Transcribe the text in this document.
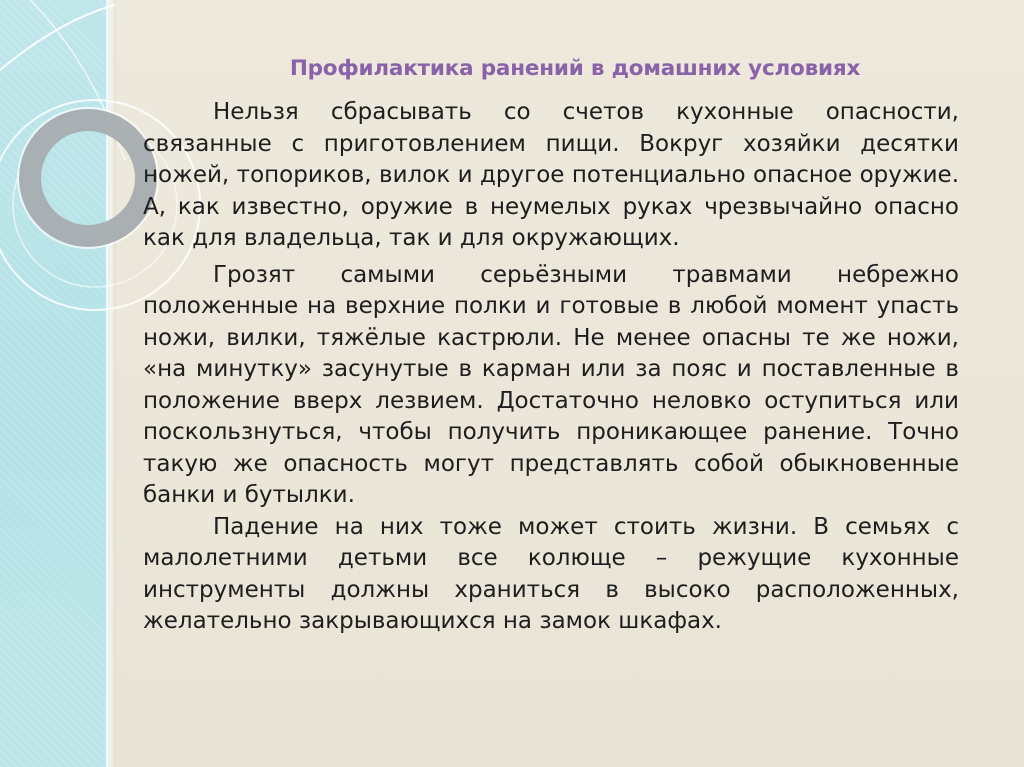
Профилактика ранений в домашних условиях

Нельзя сбрасывать со счетов кухонные опасности, связанные с приготовлением пищи. Вокруг хозяйки десятки ножей, топориков, вилок и другое потенциально опасное оружие. А, как известно, оружие в неумелых руках чрезвычайно опасно как для владельца, так и для окружающих.

Грозят самыми серьёзными травмами небрежно положенные на верхние полки и готовые в любой момент упасть ножи, вилки, тяжёлые кастрюли. Не менее опасны те же ножи, «на минутку» засунутые в карман или за пояс и поставленные в положение вверх лезвием. Достаточно неловко оступиться или поскользнуться, чтобы получить проникающее ранение. Точно такую же опасность могут представлять собой обыкновенные банки и бутылки.

Падение на них тоже может стоить жизни. В семьях с малолетними детьми все колюще – режущие кухонные инструменты должны храниться в высоко расположенных, желательно закрывающихся на замок шкафах.
